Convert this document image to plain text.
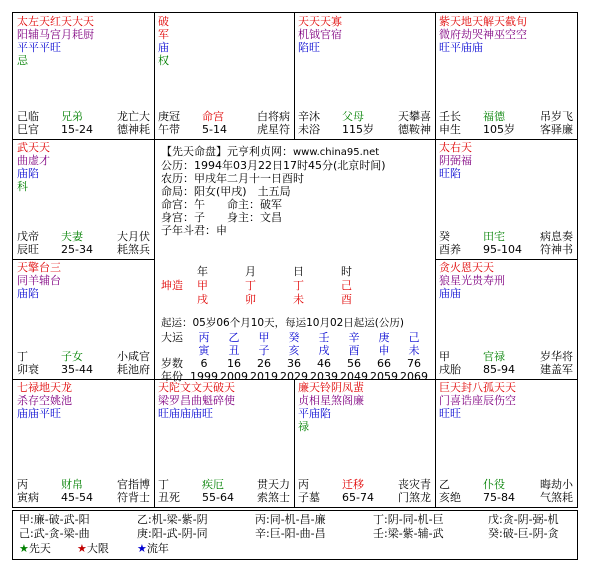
太左天红天大天
阳辅马宫月耗厨
平平平旺
忌
己临 兄弟	龙亡大
巳官 15-24 德神耗
破
军
庙
权
庚冠 命宫	白将病
午带 5-14	虎星符
天天天寡
机钺官宿
陷旺
辛沐 父母	天攀喜
未浴 115岁 德鞍神
紫天地天解天截旬
微府劫哭神巫空空
旺平庙庙
壬长 福德	吊岁飞
申生 105岁 客驿廉
武天天
曲虚才
庙陷
科
戊帝 夫妻	大月伏
辰旺 25-34 耗煞兵
太右天
阴弼福
旺陷
癸	田宅	病息奏
酉养 95-104 符神书
天擎台三
同羊辅台
庙陷
丁	子女	小咸官
卯衰 35-44 耗池府
贪火恩天天
狼星光贵寿刑
庙庙
甲	官禄	岁华将
戌胎 85-94 建盖军
七禄地天龙
杀存空姚池
庙庙平旺
丙	财帛	官指博
寅病 45-54 符背士
天陀文文天破天
梁罗昌曲魁碎使
旺庙庙庙旺
丁	疾厄	贯天力
丑死 55-64 索煞士
廉天铃阴凤蜚
贞相星煞阁廉
平庙陷
禄
丙	迁移	丧灾青
子墓 65-74 门煞龙
巨天封八孤天天
门喜诰座辰伤空
旺旺
乙	仆役	晦劫小
亥绝 75-84 气煞耗
【先天命盘】元亨利贞网：www.china95.net
公历：1994年03月22日17时45分(北京时间)
农历：甲戌年二月十一日酉时
命局：阳女(甲戌)　土五局
命宫：午　　命主：破军
身宫：子　　身主：文昌
子年斗君：申
年	月	日	时
坤造 甲	丁	丁	己
戌	卯	未	酉
起运：05岁06个月10天，每运10月02日起运(公历)
大运	丙	乙	甲	癸	壬	辛	庚	己
寅	丑	子	亥	戌	酉	申	未
岁数	6	16	26	36	46	56	66	76
年份 1999 2009 2019 2029 2039 2049 2059 2069
甲:廉-破-武-阳	乙:机-梁-紫-阴	丙:同-机-昌-廉	丁:阴-同-机-巨	戊:贪-阴-弼-机
己:武-贪-梁-曲	庚:阳-武-阴-同	辛:巨-阳-曲-昌	壬:梁-紫-辅-武	癸:破-巨-阴-贪
★先天 ★大限	★流年
